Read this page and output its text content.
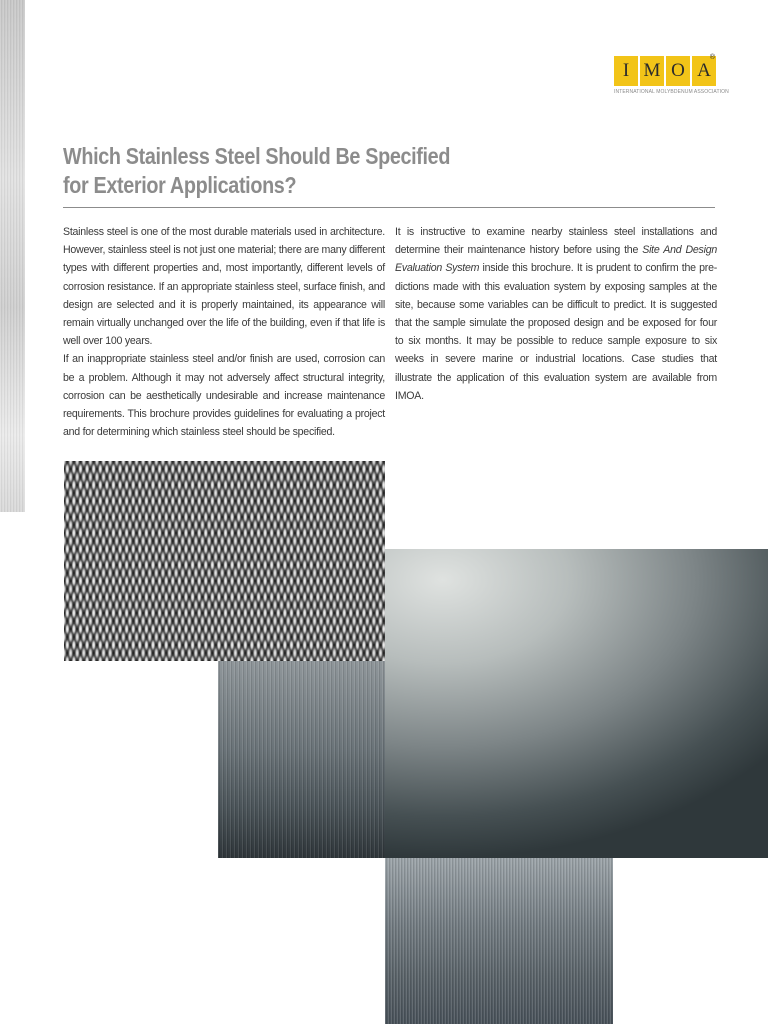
I M O A
®
INTERNATIONAL MOLYBDENUM ASSOCIATION
Which Stainless Steel Should Be Specified
for Exterior Applications?

Stainless steel is one of the most durable materials used in architecture. However, stainless steel is not just one material; there are many different types with different properties and, most importantly, different levels of corrosion resistance. If an appropriate stainless steel, surface finish, and design are selected and it is properly maintained, its appearance will remain virtually unchanged over the life of the building, even if that life is well over 100 years.

If an inappropriate stainless steel and/or finish are used, corrosion can be a problem. Although it may not adversely affect structural integrity, corrosion can be aesthetically undesirable and increase maintenance requirements. This brochure provides guidelines for evaluating a project and for determining which stainless steel should be specified.

It is instructive to examine nearby stainless steel installations and determine their maintenance history before using the Site And Design Evaluation System inside this brochure. It is prudent to confirm the pre-dictions made with this evaluation system by exposing samples at the site, because some variables can be difficult to predict. It is suggested that the sample simulate the proposed design and be exposed for four to six months. It may be possible to reduce sample exposure to six weeks in severe marine or industrial locations. Case studies that illustrate the application of this evaluation system are available from IMOA.
